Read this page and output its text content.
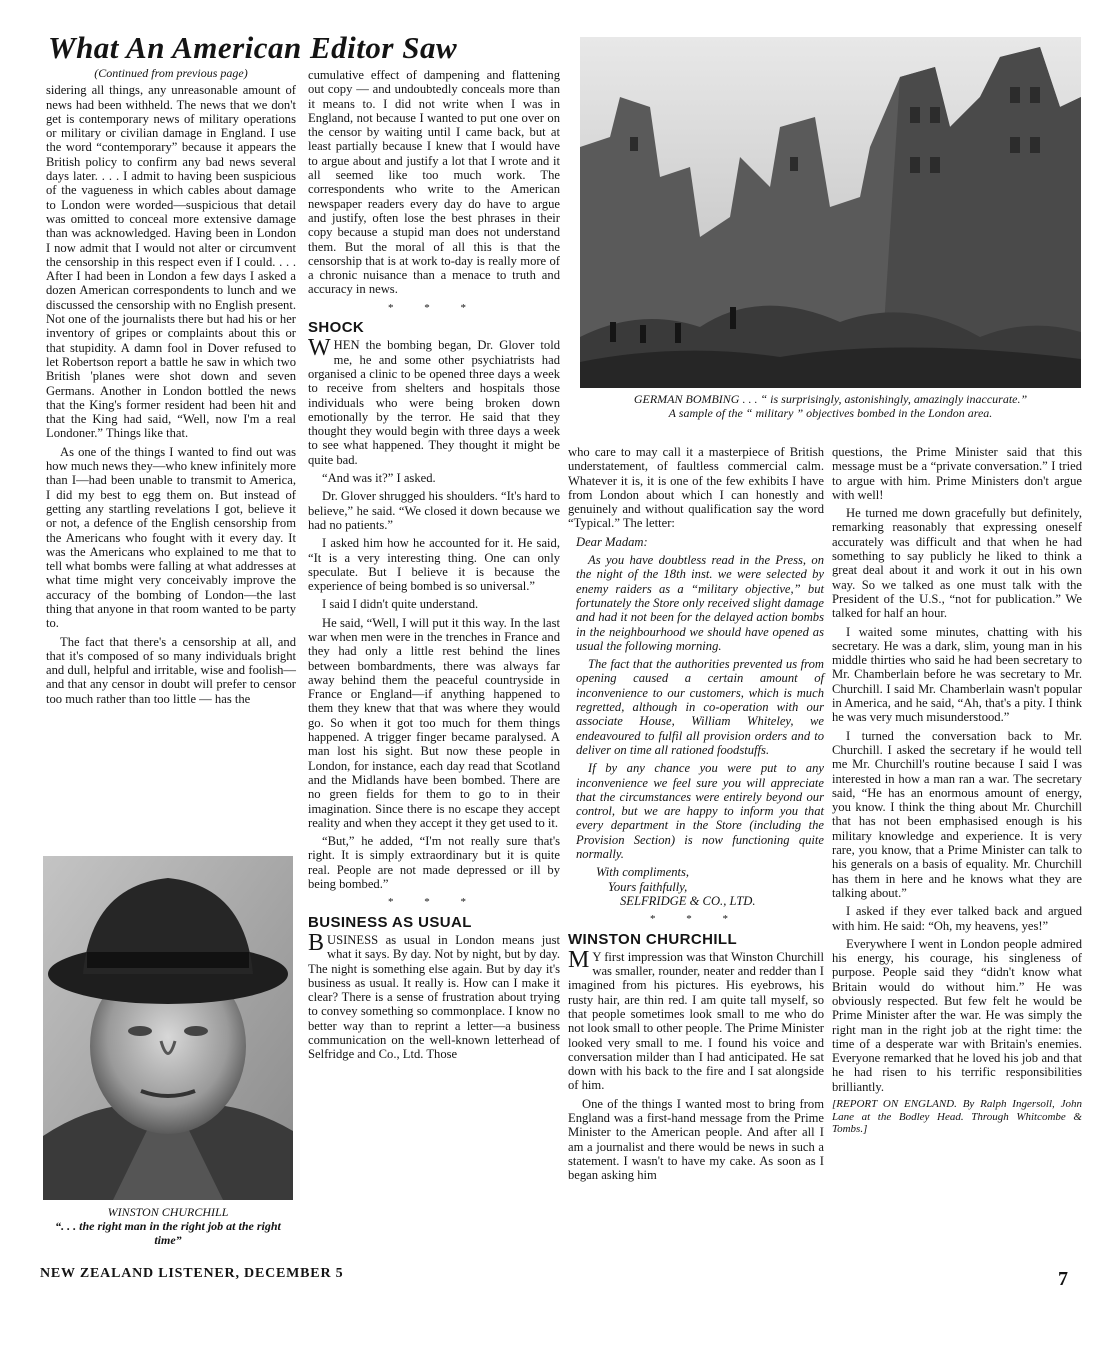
What An American Editor Saw
(Continued from previous page)

sidering all things, any unreasonable amount of news had been withheld. The news that we don't get is contemporary news of military operations or military or civilian damage in England. I use the word “contemporary” because it appears the British policy to confirm any bad news several days later. . . . I admit to having been suspicious of the vagueness in which cables about damage to London were worded—suspicious that detail was omitted to conceal more extensive damage than was acknowledged. Having been in London I now admit that I would not alter or circumvent the censorship in this respect even if I could. . . . After I had been in London a few days I asked a dozen American correspondents to lunch and we discussed the censorship with no English present. Not one of the journalists there but had his or her inventory of gripes or complaints about this or that stupidity. A damn fool in Dover refused to let Robertson report a battle he saw in which two British 'planes were shot down and seven Germans. Another in London bottled the news that the King's former resident had been hit and that the King had said, “Well, now I'm a real Londoner.” Things like that.

As one of the things I wanted to find out was how much news they—who knew infinitely more than I—had been unable to transmit to America, I did my best to egg them on. But instead of getting any startling revelations I got, believe it or not, a defence of the English censorship from the Americans who fought with it every day. It was the Americans who explained to me that to tell what bombs were falling at what addresses at what time might very conceivably improve the accuracy of the bombing of London—the last thing that anyone in that room wanted to be party to.

The fact that there's a censorship at all, and that it's composed of so many individuals bright and dull, helpful and irritable, wise and foolish—and that any censor in doubt will prefer to censor too much rather than too little — has the

WINSTON CHURCHILL
“. . . the right man in the right job at the right time”

cumulative effect of dampening and flattening out copy — and undoubtedly conceals more than it means to. I did not write when I was in England, not because I wanted to put one over on the censor by waiting until I came back, but at least partially because I knew that I would have to argue about and justify a lot that I wrote and it all seemed like too much work. The correspondents who write to the American newspaper readers every day do have to argue and justify, often lose the best phrases in their copy because a stupid man does not understand them. But the moral of all this is that the censorship that is at work to-day is really more of a chronic nuisance than a menace to truth and accuracy in news.

* * *
SHOCK

WHEN the bombing began, Dr. Glover told me, he and some other psychiatrists had organised a clinic to be opened three days a week to receive from shelters and hospitals those individuals who were being broken down emotionally by the terror. He said that they thought they would begin with three days a week to see what happened. They thought it might be quite bad.

“And was it?” I asked.

Dr. Glover shrugged his shoulders. “It's hard to believe,” he said. “We closed it down because we had no patients.”

I asked him how he accounted for it. He said, “It is a very interesting thing. One can only speculate. But I believe it is because the experience of being bombed is so universal.”

I said I didn't quite understand.

He said, “Well, I will put it this way. In the last war when men were in the trenches in France and they had only a little rest behind the lines between bombardments, there was always far away behind them the peaceful countryside in France or England—if anything happened to them they knew that that was where they would go. So when it got too much for them things happened. A trigger finger became paralysed. A man lost his sight. But now these people in London, for instance, each day read that Scotland and the Midlands have been bombed. There are no green fields for them to go to in their imagination. Since there is no escape they accept reality and when they accept it they get used to it.

“But,” he added, “I'm not really sure that's right. It is simply extraordinary but it is quite real. People are not made depressed or ill by being bombed.”

* * *
BUSINESS AS USUAL

BUSINESS as usual in London means just what it says. By day. Not by night, but by day. The night is something else again. But by day it's business as usual. It really is. How can I make it clear? There is a sense of frustration about trying to convey something so commonplace. I know no better way than to reprint a letter—a business communication on the well-known letterhead of Selfridge and Co., Ltd. Those

GERMAN BOMBING . . . “ is surprisingly, astonishingly, amazingly inaccurate.”
A sample of the “ military ” objectives bombed in the London area.

who care to may call it a masterpiece of British understatement, of faultless commercial calm. Whatever it is, it is one of the few exhibits I have from London about which I can honestly and genuinely and without qualification say the word “Typical.” The letter:

Dear Madam:

As you have doubtless read in the Press, on the night of the 18th inst. we were selected by enemy raiders as a “military objective,” but fortunately the Store only received slight damage and had it not been for the delayed action bombs in the neighbourhood we should have opened as usual the following morning.

The fact that the authorities prevented us from opening caused a certain amount of inconvenience to our customers, which is much regretted, although in co-operation with our associate House, William Whiteley, we endeavoured to fulfil all provision orders and to deliver on time all rationed foodstuffs.

If by any chance you were put to any inconvenience we feel sure you will appreciate that the circumstances were entirely beyond our control, but we are happy to inform you that every department in the Store (including the Provision Section) is now functioning quite normally.

With compliments,

Yours faithfully,

SELFRIDGE & CO., LTD.

* * *
WINSTON CHURCHILL

M Y first impression was that Winston Churchill was smaller, rounder, neater and redder than I imagined from his pictures. His eyebrows, his rusty hair, are thin red. I am quite tall myself, so that people sometimes look small to me who do not look small to other people. The Prime Minister looked very small to me. I found his voice and conversation milder than I had anticipated. He sat down with his back to the fire and I sat alongside of him.

One of the things I wanted most to bring from England was a first-hand message from the Prime Minister to the American people. And after all I am a journalist and there would be news in such a statement. I wasn't to have my cake. As soon as I began asking him

questions, the Prime Minister said that this message must be a “private conversation.” I tried to argue with him. Prime Ministers don't argue with well!

He turned me down gracefully but definitely, remarking reasonably that expressing oneself accurately was difficult and that when he had something to say publicly he liked to think a great deal about it and work it out in his own way. So we talked as one must talk with the President of the U.S., “not for publication.” We talked for half an hour.

I waited some minutes, chatting with his secretary. He was a dark, slim, young man in his middle thirties who said he had been secretary to Mr. Chamberlain before he was secretary to Mr. Churchill. I said Mr. Chamberlain wasn't popular in America, and he said, “Ah, that's a pity. I think he was very much misunderstood.”

I turned the conversation back to Mr. Churchill. I asked the secretary if he would tell me Mr. Churchill's routine because I said I was interested in how a man ran a war. The secretary said, “He has an enormous amount of energy, you know. I think the thing about Mr. Churchill that has not been emphasised enough is his military knowledge and experience. It is very rare, you know, that a Prime Minister can talk to his generals on a basis of equality. Mr. Churchill has them in here and he knows what they are talking about.”

I asked if they ever talked back and argued with him. He said: “Oh, my heavens, yes!”

Everywhere I went in London people admired his energy, his courage, his singleness of purpose. People said they “didn't know what Britain would do without him.” He was obviously respected. But few felt he would be Prime Minister after the war. He was simply the right man in the right job at the right time: the time of a desperate war with Britain's enemies. Everyone remarked that he loved his job and that he had risen to his terrific responsibilities brilliantly.

[REPORT ON ENGLAND. By Ralph Ingersoll, John Lane at the Bodley Head. Through Whitcombe & Tombs.]
NEW ZEALAND LISTENER, DECEMBER 5	7
